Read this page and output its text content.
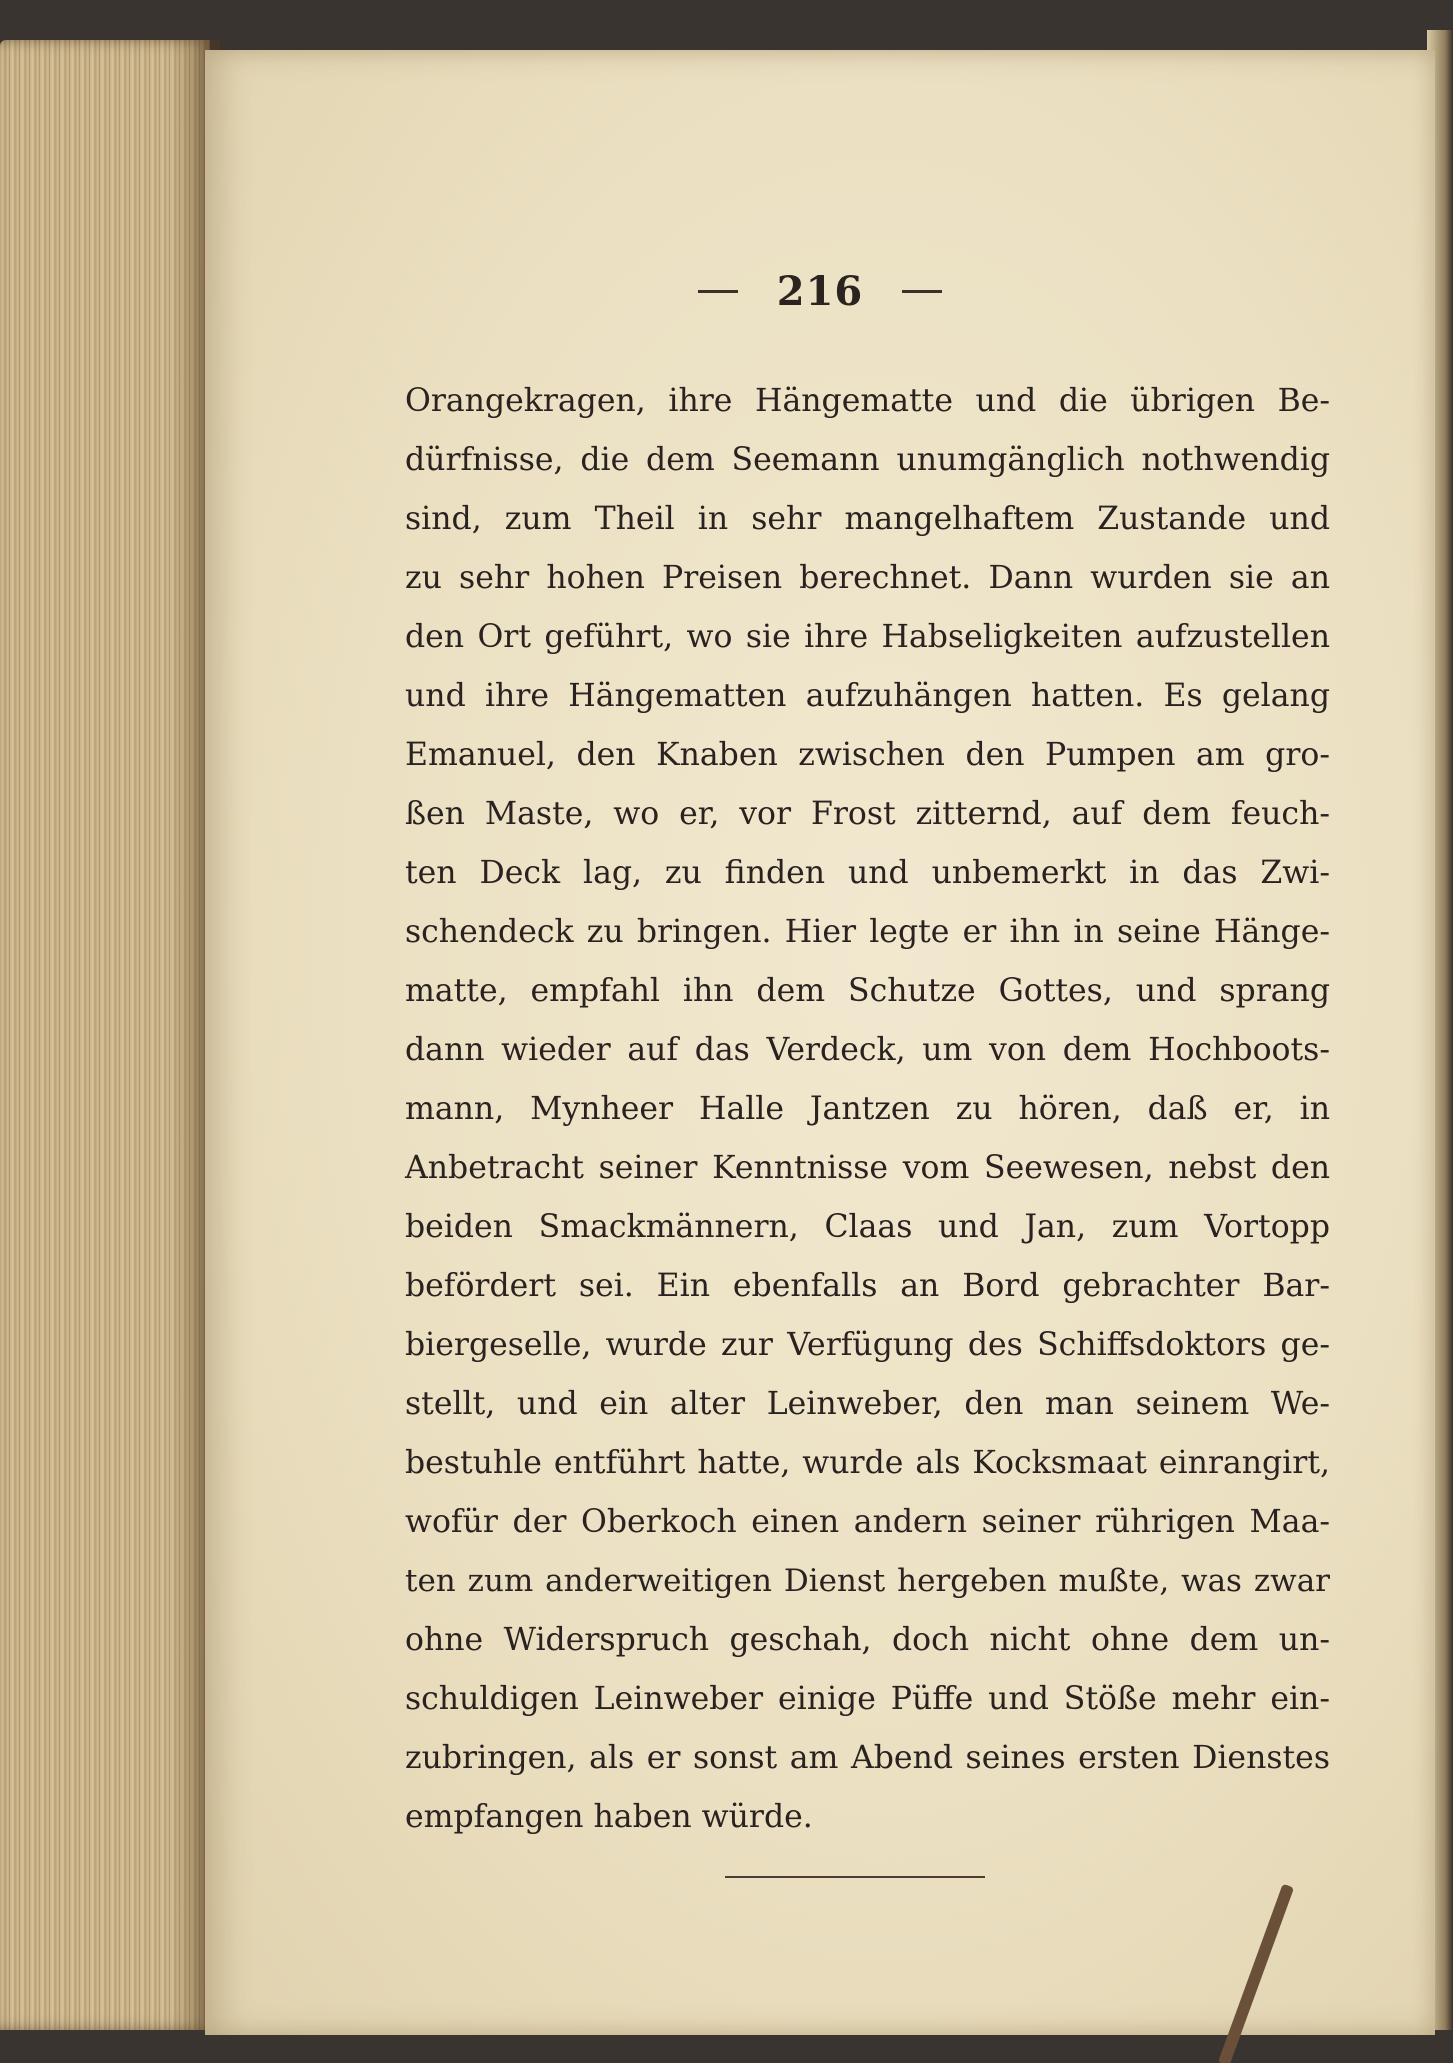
216
Orangekragen, ihre Hängematte und die übrigen Be-
dürfnisse, die dem Seemann unumgänglich nothwendig
sind, zum Theil in sehr mangelhaftem Zustande und
zu sehr hohen Preisen berechnet. Dann wurden sie an
den Ort geführt, wo sie ihre Habseligkeiten aufzustellen
und ihre Hängematten aufzuhängen hatten. Es gelang
Emanuel, den Knaben zwischen den Pumpen am gro-
ßen Maste, wo er, vor Frost zitternd, auf dem feuch-
ten Deck lag, zu finden und unbemerkt in das Zwi-
schendeck zu bringen. Hier legte er ihn in seine Hänge-
matte, empfahl ihn dem Schutze Gottes, und sprang
dann wieder auf das Verdeck, um von dem Hochboots-
mann, Mynheer Halle Jantzen zu hören, daß er, in
Anbetracht seiner Kenntnisse vom Seewesen, nebst den
beiden Smackmännern, Claas und Jan, zum Vortopp
befördert sei. Ein ebenfalls an Bord gebrachter Bar-
biergeselle, wurde zur Verfügung des Schiffsdoktors ge-
stellt, und ein alter Leinweber, den man seinem We-
bestuhle entführt hatte, wurde als Kocksmaat einrangirt,
wofür der Oberkoch einen andern seiner rührigen Maa-
ten zum anderweitigen Dienst hergeben mußte, was zwar
ohne Widerspruch geschah, doch nicht ohne dem un-
schuldigen Leinweber einige Püffe und Stöße mehr ein-
zubringen, als er sonst am Abend seines ersten Dienstes
empfangen haben würde.
